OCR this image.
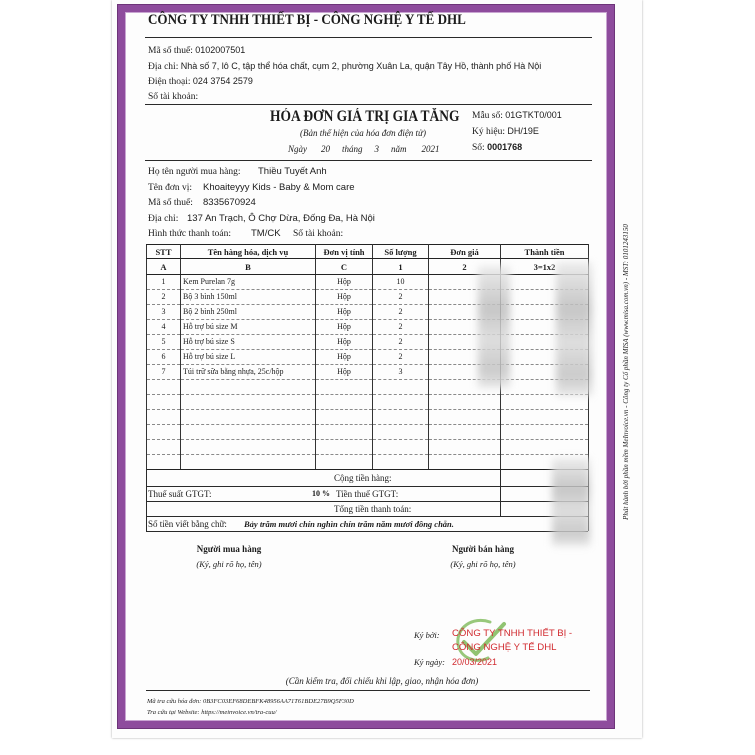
CÔNG TY TNHH THIẾT BỊ - CÔNG NGHỆ Y TẾ DHL
Mã số thuế: 0102007501
Địa chỉ: Nhà số 7, lô C, tập thể hóa chất, cụm 2, phường Xuân La, quận Tây Hồ, thành phố Hà Nội
Điện thoại: 024 3754 2579
Số tài khoản:
HÓA ĐƠN GIÁ TRỊ GIA TĂNG
(Bản thể hiện của hóa đơn điện tử)
Ngày 20 tháng 3 năm 2021
Mẫu số: 01GTKT0/001
Ký hiệu: DH/19E
Số: 0001768
Họ tên người mua hàng: Thiều Tuyết Anh
Tên đơn vị: Khoaiteyyy Kids - Baby & Mom care
Mã số thuế: 8335670924
Địa chỉ: 137 An Trạch, Ô Chợ Dừa, Đống Đa, Hà Nội
Hình thức thanh toán: TM/CK Số tài khoản:
STT	Tên hàng hóa, dịch vụ	Đơn vị tính	Số lượng	Đơn giá	Thành tiền
A	B	C	1	2	3=1x2
1	Kem Purelan 7g	Hộp	10		
2	Bộ 3 bình 150ml	Hộp	2		
3	Bộ 2 bình 250ml	Hộp	2		
4	Hỗ trợ bú size M	Hộp	2		
5	Hỗ trợ bú size S	Hộp	2		
6	Hỗ trợ bú size L	Hộp	2		
7	Túi trữ sữa bằng nhựa, 25c/hộp	Hộp	3		

Cộng tiền hàng:
Thuế suất GTGT:	10 % Tiền thuế GTGT:
Tổng tiền thanh toán:
Số tiền viết bằng chữ: Bảy trăm mươi chín nghìn chín trăm năm mươi đồng chẵn.
Người mua hàng
(Ký, ghi rõ họ, tên)
Người bán hàng
(Ký, ghi rõ họ, tên)
Ký bởi: CÔNG TY TNHH THIẾT BỊ -
CÔNG NGHỆ Y TẾ DHL
Ký ngày: 20/03/2021
(Cần kiểm tra, đối chiếu khi lập, giao, nhận hóa đơn)
Mã tra cứu hóa đơn: 0B3FC03EF68DEBFK48956AA71T61BDE27B9Q5F30D
Tra cứu tại Website: https://meinvoice.vn/tra-cuu/
Phát hành bởi phần mềm MeInvoice.vn - Công ty Cổ phần MISA (www.misa.com.vn) - MST: 0101243150
